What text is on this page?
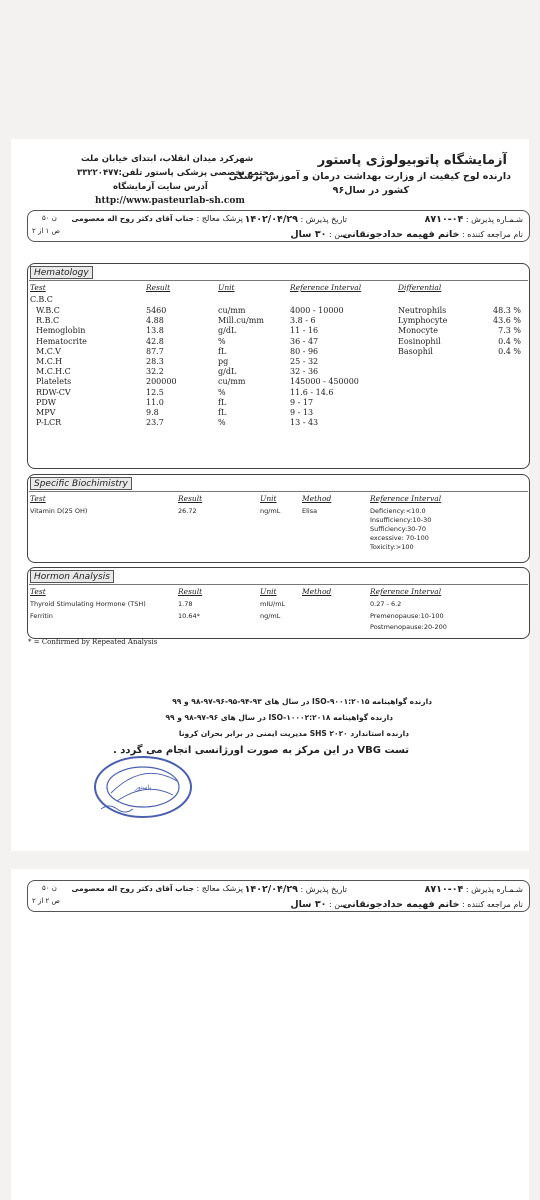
آزمایشگاه پاتوبیولوژی پاستور
دارنده لوح کیفیت از وزارت بهداشت درمان و آموزش پزشکی
کشور در سال۹۶
شهرکرد میدان انقلاب، ابتدای خیابان ملت
مجتمع تخصصی پزشکی پاستور تلفن:۳۳۲۲۰۴۷۷
آدرس سایت آزمایشگاه
http://www.pasteurlab-sh.com
شـمـاره پذیرش : ۰۴-۸۷۱۰
نام مراجعه کننده : خانم فهیمه حدادجونقانی
تاریخ پذیرش : ۱۴۰۲/۰۴/۲۹
پزشک معالج : جناب آقای دکتر روح اله معصومی
سن : ۳۰ سال
ن ۵۰
ص ۱ از ۲
Hematology
Test	Result	Unit	Reference Interval	Differential
C.B.C
W.B.C	5460	cu/mm	4000 - 10000
R.B.C	4.88	Mill.cu/mm	3.8 - 6
Hemoglobin	13.8	g/dL	11 - 16
Hematocrite	42.8	%	36 - 47
M.C.V	87.7	fL	80 - 96
M.C.H	28.3	pg	25 - 32
M.C.H.C	32.2	g/dL	32 - 36
Platelets	200000	cu/mm	145000 - 450000
RDW-CV	12.5	%	11.6 - 14.6
PDW	11.0	fL	9 - 17
MPV	9.8	fL	9 - 13
P-LCR	23.7	%	13 - 43
Neutrophils	48.3 %
Lymphocyte	43.6 %
Monocyte	7.3 %
Eosinophil	0.4 %
Basophil	0.4 %
Specific Biochimistry
Test	Result	Unit	Method	Reference Interval
Vitamin D(25 OH)	26.72	ng/mL	Elisa	Deficiency:<10.0
Insufficiency:10-30
Sufficiency:30-70
excessive: 70-100
Toxicity:>100
Hormon Analysis
Test	Result	Unit	Method	Reference Interval
Thyroid Stimulating Hormone (TSH)	1.78	mIU/mL	0.27 - 6.2
Ferritin	10.64*	ng/mL	Premenopause:10-100
Postmenopause:20-200
* = Confirmed by Repeated Analysis
دارنده گواهینامه ISO-۹۰۰۱:۲۰۱۵ در سال های ۹۳-۹۴-۹۵-۹۶-۹۷-۹۸ و ۹۹
دارنده گواهینامه ISO-۱۰۰۰۲:۲۰۱۸ در سال های ۹۶-۹۷-۹۸ و ۹۹
دارنده استاندارد SHS ۲۰۲۰ مدیریت ایمنی در برابر بحران کرونا
تست VBG در این مرکز به صورت اورژانسی انجام می گردد .
پاستور
شـمـاره پذیرش : ۰۴-۸۷۱۰
نام مراجعه کننده : خانم فهیمه حدادجونقانی
تاریخ پذیرش : ۱۴۰۲/۰۴/۲۹
پزشک معالج : جناب آقای دکتر روح اله معصومی
سن : ۳۰ سال
ن ۵۰
ص ۲ از ۲
